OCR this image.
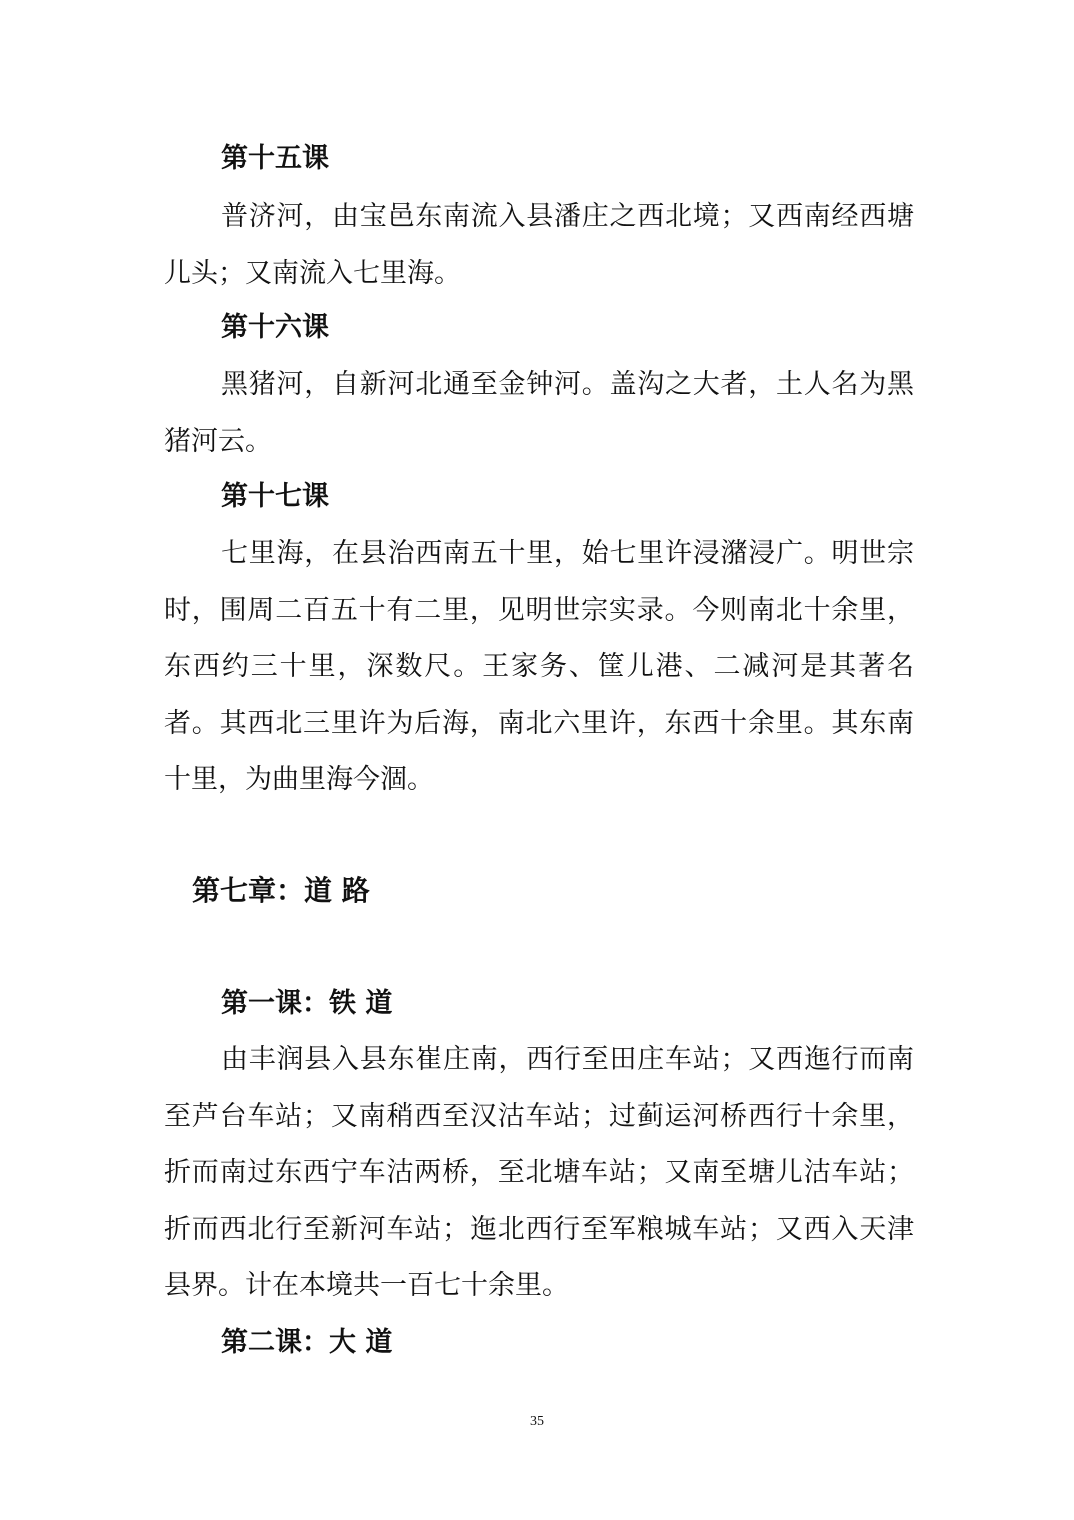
第十五课
普济河，由宝邑东南流入县潘庄之西北境；又西南经西塘儿头；又南流入七里海。
第十六课
黑猪河，自新河北通至金钟河。盖沟之大者，土人名为黑猪河云。
第十七课
七里海，在县治西南五十里，始七里许浸潴浸广。明世宗时，围周二百五十有二里，见明世宗实录。今则南北十余里，东西约三十里，深数尺。王家务、筐儿港、二减河是其著名者。其西北三里许为后海，南北六里许，东西十余里。其东南十里，为曲里海今涸。
第七章：道 路
第一课：铁 道
由丰润县入县东崔庄南，西行至田庄车站；又西迤行而南至芦台车站；又南稍西至汉沽车站；过蓟运河桥西行十余里，折而南过东西宁车沽两桥，至北塘车站；又南至塘儿沽车站；折而西北行至新河车站；迤北西行至军粮城车站；又西入天津县界。计在本境共一百七十余里。
第二课：大 道
35
